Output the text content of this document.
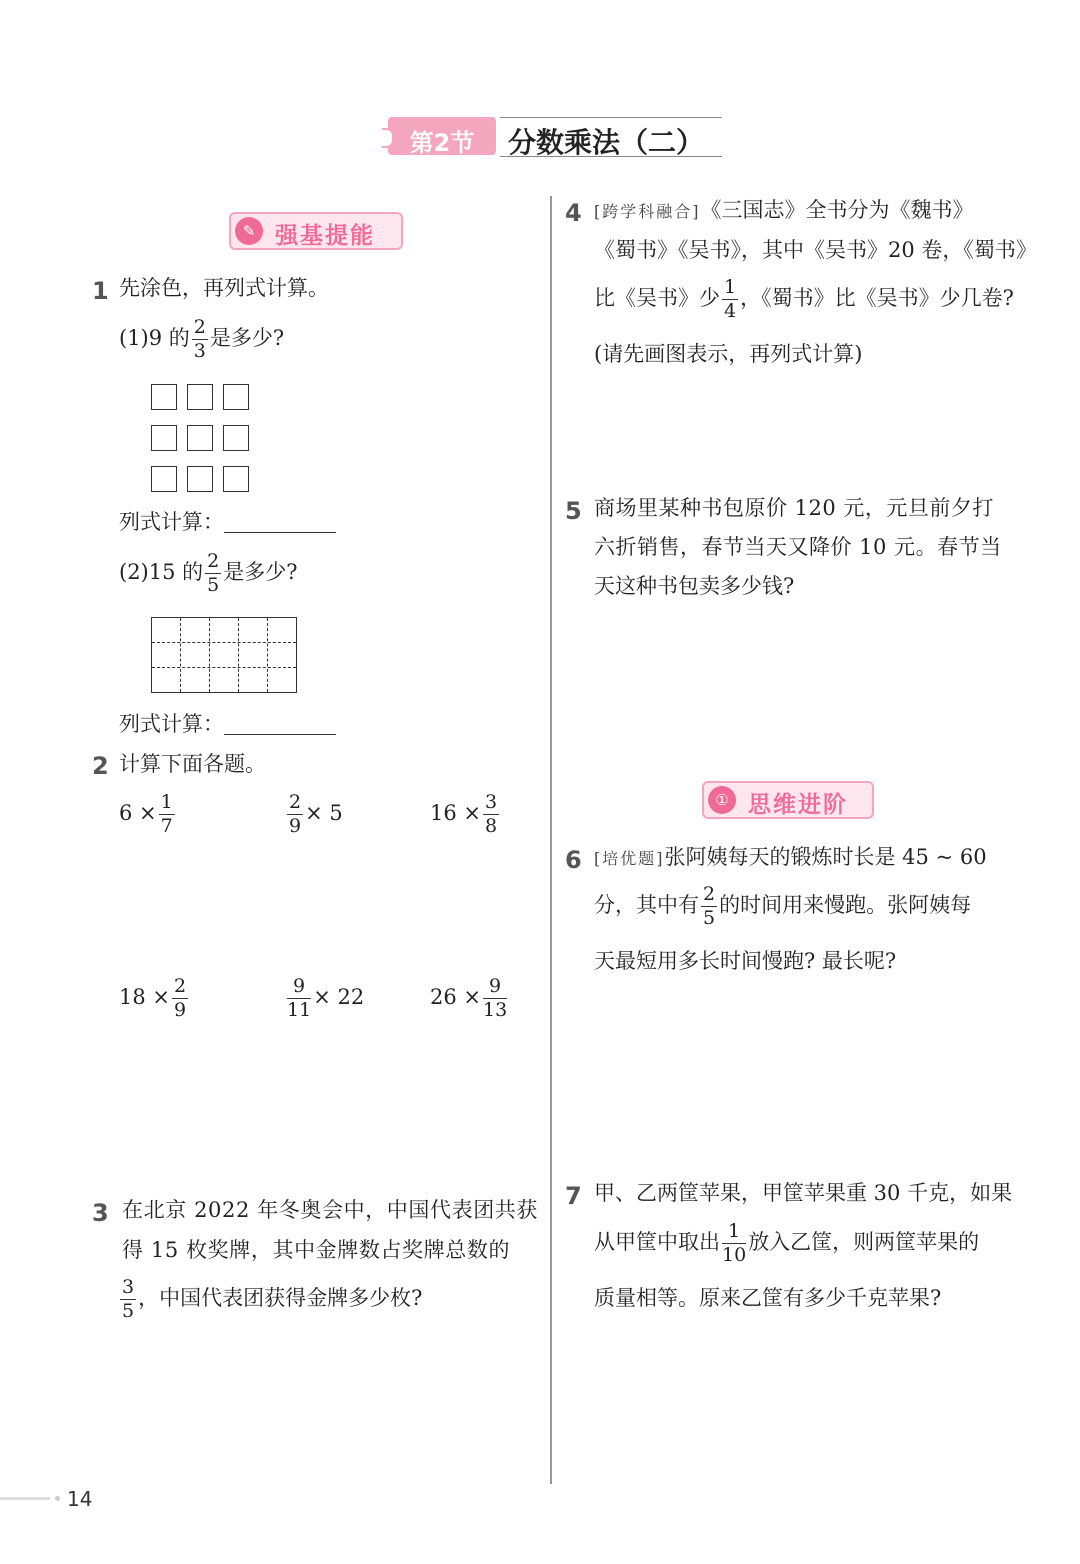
第2节	分数乘法（二）
✎ 强基提能
① 思维进阶
1 先涂色，再列式计算。
(1)9 的 $\frac{2}{3}$ 是多少?
列式计算：
(2)15 的 $\frac{2}{5}$ 是多少?
列式计算：
2 计算下面各题。
$6 \times \frac{1}{7}$	$\frac{2}{9} \times 5$	$16 \times \frac{3}{8}$
$18 \times \frac{2}{9}$	$\frac{9}{11} \times 22$	$26 \times \frac{9}{13}$
3 在北京 2022 年冬奥会中，中国代表团共获
得 15 枚奖牌，其中金牌数占奖牌总数的
$\frac{3}{5}$ ，中国代表团获得金牌多少枚?
4 [跨学科融合]《三国志》全书分为《魏书》
《蜀书》《吴书》，其中《吴书》20 卷，《蜀书》
比《吴书》少 $\frac{1}{4}$ ，《蜀书》比《吴书》少几卷?
(请先画图表示，再列式计算)
5 商场里某种书包原价 120 元，元旦前夕打
六折销售，春节当天又降价 10 元。春节当
天这种书包卖多少钱?
6 [培优题]张阿姨每天的锻炼时长是 45 ~ 60
分，其中有 $\frac{2}{5}$ 的时间用来慢跑。张阿姨每
天最短用多长时间慢跑? 最长呢?
7 甲、乙两筐苹果，甲筐苹果重 30 千克，如果
从甲筐中取出 $\frac{1}{10}$ 放入乙筐，则两筐苹果的
质量相等。原来乙筐有多少千克苹果?
14
